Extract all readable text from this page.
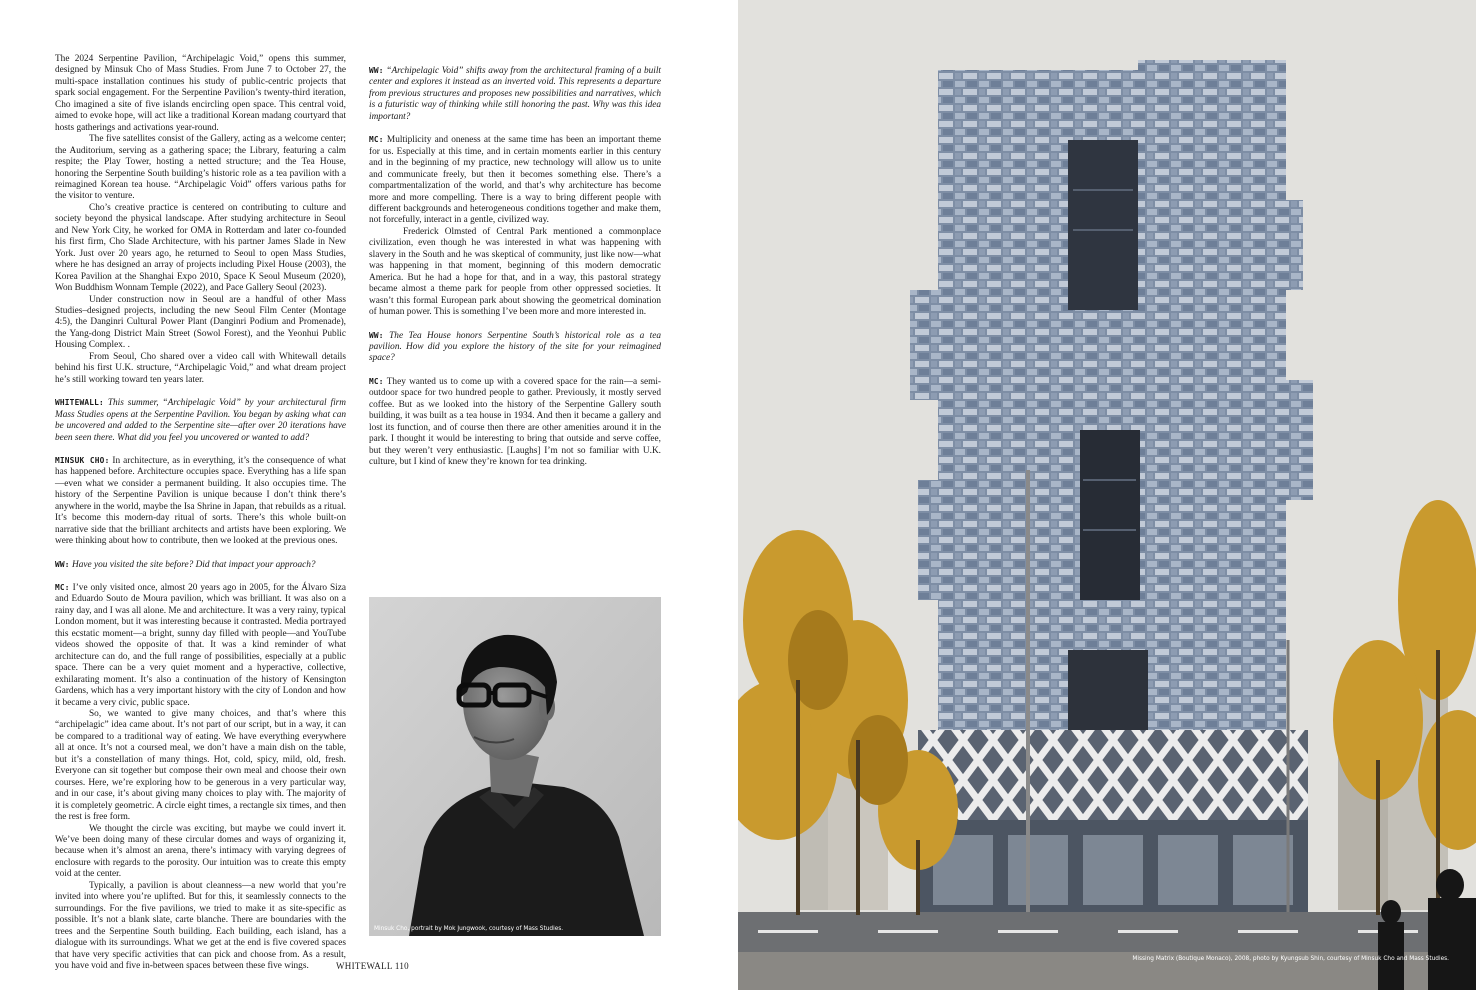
The 2024 Serpentine Pavilion, “Archipelagic Void,” opens this summer, designed by Minsuk Cho of Mass Studies. From June 7 to October 27, the multi-space installation continues his study of public-centric projects that spark social engagement. For the Serpentine Pavilion’s twenty-third iteration, Cho imagined a site of five islands encircling open space. This central void, aimed to evoke hope, will act like a traditional Korean madang courtyard that hosts gatherings and activations year-round.

The five satellites consist of the Gallery, acting as a welcome center; the Auditorium, serving as a gathering space; the Library, featuring a calm respite; the Play Tower, hosting a netted structure; and the Tea House, honoring the Serpentine South building’s historic role as a tea pavilion with a reimagined Korean tea house. “Archipelagic Void” offers various paths for the visitor to venture.

Cho’s creative practice is centered on contributing to culture and society beyond the physical landscape. After studying architecture in Seoul and New York City, he worked for OMA in Rotterdam and later co-founded his first firm, Cho Slade Architecture, with his partner James Slade in New York. Just over 20 years ago, he returned to Seoul to open Mass Studies, where he has designed an array of projects including Pixel House (2003), the Korea Pavilion at the Shanghai Expo 2010, Space K Seoul Museum (2020), Won Buddhism Wonnam Temple (2022), and Pace Gallery Seoul (2023).

Under construction now in Seoul are a handful of other Mass Studies–designed projects, including the new Seoul Film Center (Montage 4:5), the Danginri Cultural Power Plant (Danginri Podium and Promenade), the Yang-dong District Main Street (Sowol Forest), and the Yeonhui Public Housing Complex. .

From Seoul, Cho shared over a video call with Whitewall details behind his first U.K. structure, “Archipelagic Void,” and what dream project he’s still working toward ten years later.

WHITEWALL: This summer, “Archipelagic Void” by your architectural firm Mass Studies opens at the Serpentine Pavilion. You began by asking what can be uncovered and added to the Serpentine site—after over 20 iterations have been seen there. What did you feel you uncovered or wanted to add?

MINSUK CHO: In architecture, as in everything, it’s the consequence of what has happened before. Architecture occupies space. Everything has a life span—even what we consider a permanent building. It also occupies time. The history of the Serpentine Pavilion is unique because I don’t think there’s anywhere in the world, maybe the Isa Shrine in Japan, that rebuilds as a ritual. It’s become this modern-day ritual of sorts. There’s this whole built-on narrative side that the brilliant architects and artists have been exploring. We were thinking about how to contribute, then we looked at the previous ones.

WW: Have you visited the site before? Did that impact your approach?

MC: I’ve only visited once, almost 20 years ago in 2005, for the Álvaro Siza and Eduardo Souto de Moura pavilion, which was brilliant. It was also on a rainy day, and I was all alone. Me and architecture. It was a very rainy, typical London moment, but it was interesting because it contrasted. Media portrayed this ecstatic moment—a bright, sunny day filled with people—and YouTube videos showed the opposite of that. It was a kind reminder of what architecture can do, and the full range of possibilities, especially at a public space. There can be a very quiet moment and a hyperactive, collective, exhilarating moment. It’s also a continuation of the history of Kensington Gardens, which has a very important history with the city of London and how it became a very civic, public space.

So, we wanted to give many choices, and that’s where this “archipelagic” idea came about. It’s not part of our script, but in a way, it can be compared to a traditional way of eating. We have everything everywhere all at once. It’s not a coursed meal, we don’t have a main dish on the table, but it’s a constellation of many things. Hot, cold, spicy, mild, old, fresh. Everyone can sit together but compose their own meal and choose their own courses. Here, we’re exploring how to be generous in a very particular way, and in our case, it’s about giving many choices to play with. The majority of it is completely geometric. A circle eight times, a rectangle six times, and then the rest is free form.

We thought the circle was exciting, but maybe we could invert it. We’ve been doing many of these circular domes and ways of organizing it, because when it’s almost an arena, there’s intimacy with varying degrees of enclosure with regards to the porosity. Our intuition was to create this empty void at the center.

Typically, a pavilion is about cleanness—a new world that you’re invited into where you’re uplifted. But for this, it seamlessly connects to the surroundings. For the five pavilions, we tried to make it as site-specific as possible. It’s not a blank slate, carte blanche. There are boundaries with the trees and the Serpentine South building. Each building, each island, has a dialogue with its surroundings. What we get at the end is five covered spaces that have very specific activities that can pick and choose from. As a result, you have void and five in-between spaces between these five wings.

WW: “Archipelagic Void” shifts away from the architectural framing of a built center and explores it instead as an inverted void. This represents a departure from previous structures and proposes new possibilities and narratives, which is a futuristic way of thinking while still honoring the past. Why was this idea important?

MC: Multiplicity and oneness at the same time has been an important theme for us. Especially at this time, and in certain moments earlier in this century and in the beginning of my practice, new technology will allow us to unite and communicate freely, but then it becomes something else. There’s a compartmentalization of the world, and that’s why architecture has become more and more compelling. There is a way to bring different people with different backgrounds and heterogeneous conditions together and make them, not forcefully, interact in a gentle, civilized way.

Frederick Olmsted of Central Park mentioned a commonplace civilization, even though he was interested in what was happening with slavery in the South and he was skeptical of community, just like now—what was happening in that moment, beginning of this modern democratic America. But he had a hope for that, and in a way, this pastoral strategy became almost a theme park for people from other oppressed societies. It wasn’t this formal European park about showing the geometrical domination of human power. This is something I’ve been more and more interested in.

WW: The Tea House honors Serpentine South’s historical role as a tea pavilion. How did you explore the history of the site for your reimagined space?

MC: They wanted us to come up with a covered space for the rain—a semi-outdoor space for two hundred people to gather. Previously, it mostly served coffee. But as we looked into the history of the Serpentine Gallery south building, it was built as a tea house in 1934. And then it became a gallery and lost its function, and of course then there are other amenities around it in the park. I thought it would be interesting to bring that outside and serve coffee, but they weren’t very enthusiastic. [Laughs] I’m not so familiar with U.K. culture, but I kind of knew they’re known for tea drinking.

Minsuk Cho, portrait by Mok Jungwook, courtesy of Mass Studies.
WHITEWALL 110
Missing Matrix (Boutique Monaco), 2008, photo by Kyungsub Shin, courtesy of Minsuk Cho and Mass Studies.
